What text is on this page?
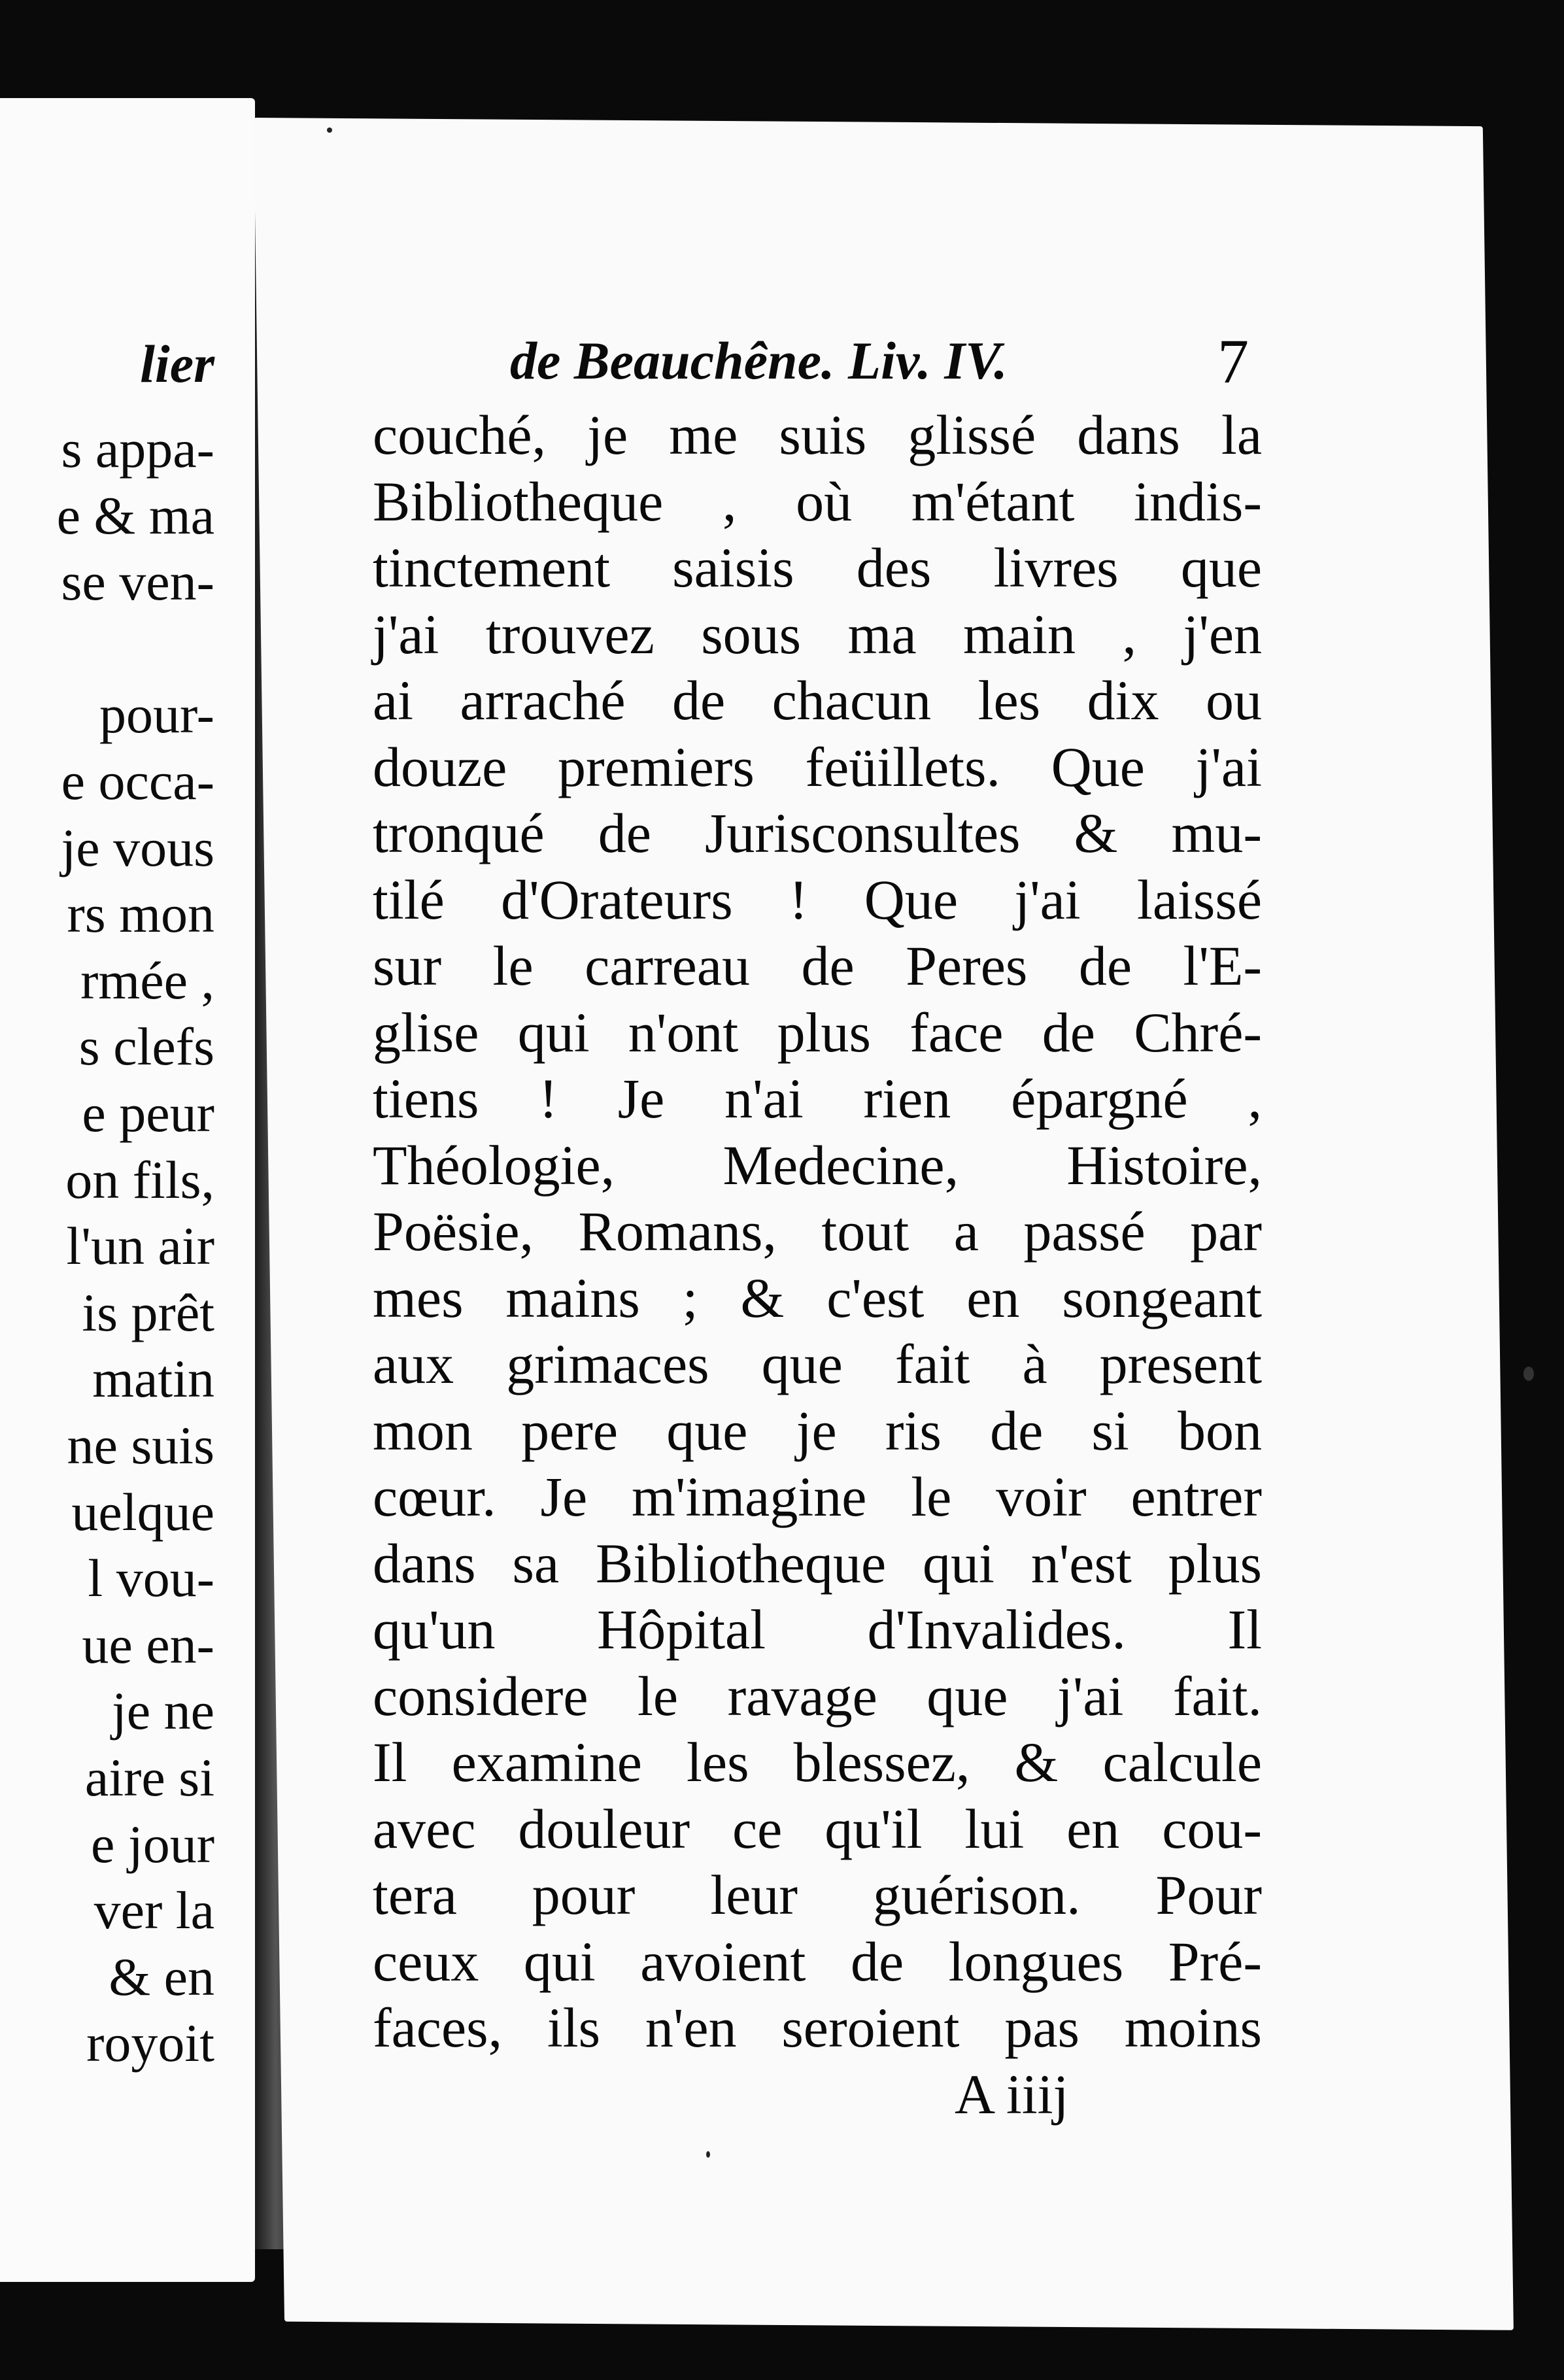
lier
s appa-
e & ma
se ven-
pour-
e occa-
je vous
rs mon
rmée ,
s clefs
e peur
on fils,
l'un air
is prêt
matin
ne suis
uelque
l vou-
ue en-
je ne
aire si
e jour
ver la
& en
royoit
de Beauchêne. Liv. IV.	7
couché, je me suis glissé dans la
Bibliotheque , où m'étant indis-
tinctement saisis des livres que
j'ai trouvez sous ma main , j'en
ai arraché de chacun les dix ou
douze premiers feüillets. Que j'ai
tronqué de Jurisconsultes & mu-
tilé d'Orateurs ! Que j'ai laissé
sur le carreau de Peres de l'E-
glise qui n'ont plus face de Chré-
tiens ! Je n'ai rien épargné ,
Théologie, Medecine, Histoire,
Poësie, Romans, tout a passé par
mes mains ; & c'est en songeant
aux grimaces que fait à present
mon pere que je ris de si bon
cœur. Je m'imagine le voir entrer
dans sa Bibliotheque qui n'est plus
qu'un Hôpital d'Invalides. Il
considere le ravage que j'ai fait.
Il examine les blessez, & calcule
avec douleur ce qu'il lui en cou-
tera pour leur guérison. Pour
ceux qui avoient de longues Pré-
faces, ils n'en seroient pas moins
A iiij
